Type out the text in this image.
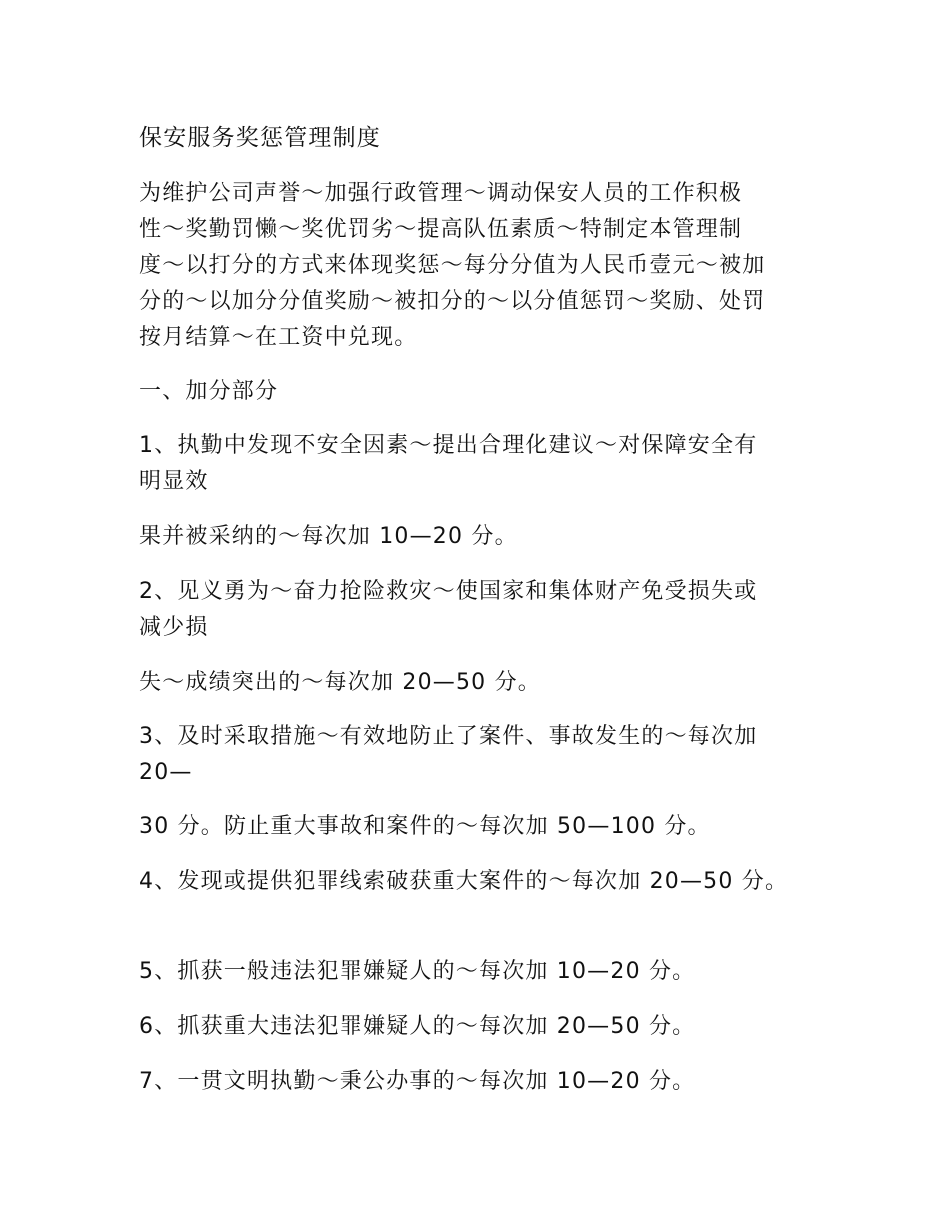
保安服务奖惩管理制度

为维护公司声誉～加强行政管理～调动保安人员的工作积极
性～奖勤罚懒～奖优罚劣～提高队伍素质～特制定本管理制
度～以打分的方式来体现奖惩～每分分值为人民币壹元～被加
分的～以加分分值奖励～被扣分的～以分值惩罚～奖励、处罚
按月结算～在工资中兑现。

一、加分部分

1、执勤中发现不安全因素～提出合理化建议～对保障安全有

明显效

果并被采纳的～每次加 10—20 分。

2、见义勇为～奋力抢险救灾～使国家和集体财产免受损失或

减少损

失～成绩突出的～每次加 20—50 分。

3、及时采取措施～有效地防止了案件、事故发生的～每次加

20—

30 分。防止重大事故和案件的～每次加 50—100 分。

4、发现或提供犯罪线索破获重大案件的～每次加 20—50 分。

5、抓获一般违法犯罪嫌疑人的～每次加 10—20 分。

6、抓获重大违法犯罪嫌疑人的～每次加 20—50 分。

7、一贯文明执勤～秉公办事的～每次加 10—20 分。
